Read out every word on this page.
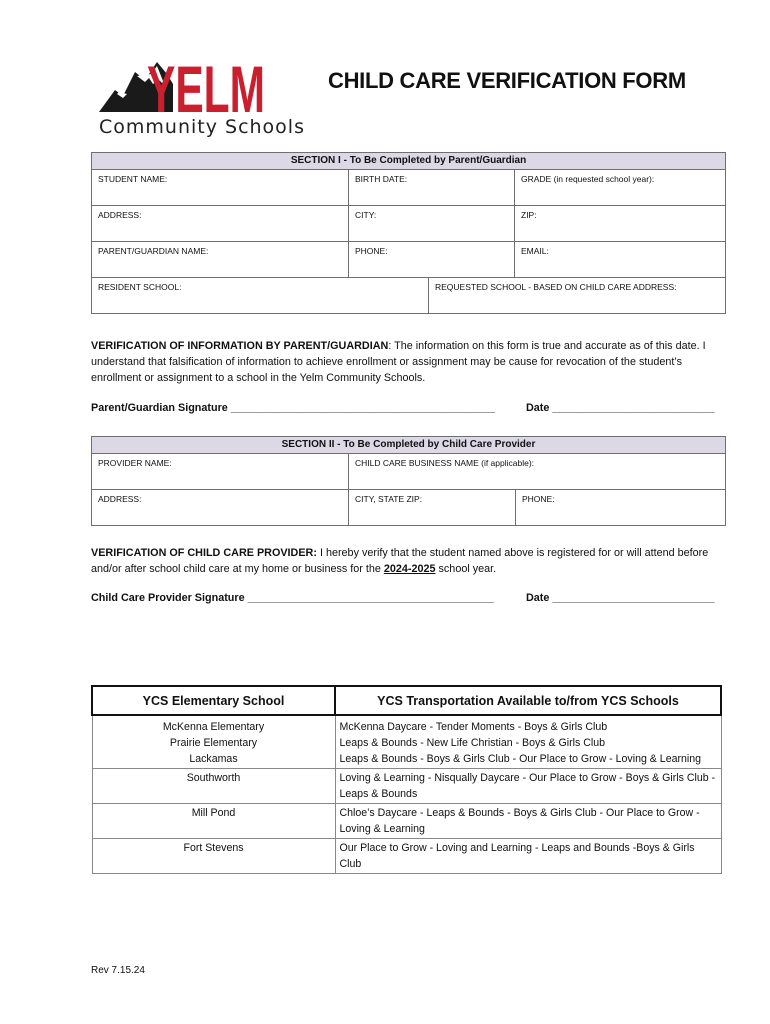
YELM
Community Schools
CHILD CARE VERIFICATION FORM
SECTION I - To Be Completed by Parent/Guardian			
STUDENT NAME:	BIRTH DATE:		GRADE (in requested school year):
ADDRESS:	CITY:		ZIP:
PARENT/GUARDIAN NAME:	PHONE:		EMAIL:
RESIDENT SCHOOL:		REQUESTED SCHOOL - BASED ON CHILD CARE ADDRESS:	
VERIFICATION OF INFORMATION BY PARENT/GUARDIAN: The information on this form is true and accurate as of this date. I understand that falsification of information to achieve enrollment or assignment may be cause for revocation of the student’s enrollment or assignment to a school in the Yelm Community Schools.
Parent/Guardian Signature ____________________________________________	Date ___________________________
SECTION II - To Be Completed by Child Care Provider		
PROVIDER NAME:	CHILD CARE BUSINESS NAME (if applicable):	
ADDRESS:	CITY, STATE ZIP:	PHONE:
VERIFICATION OF CHILD CARE PROVIDER: I hereby verify that the student named above is registered for or will attend before and/or after school child care at my home or business for the 2024-2025 school year.
Child Care Provider Signature _________________________________________	Date ___________________________
YCS Elementary School	YCS Transportation Available to/from YCS Schools
McKenna Elementary
Prairie Elementary
Lackamas	McKenna Daycare - Tender Moments - Boys & Girls Club
Leaps & Bounds - New Life Christian - Boys & Girls Club
Leaps & Bounds - Boys & Girls Club - Our Place to Grow - Loving & Learning
Southworth	Loving & Learning - Nisqually Daycare - Our Place to Grow - Boys & Girls Club - Leaps & Bounds
Mill Pond	Chloe’s Daycare - Leaps & Bounds - Boys & Girls Club - Our Place to Grow - Loving & Learning
Fort Stevens	Our Place to Grow - Loving and Learning - Leaps and Bounds -Boys & Girls Club
Rev 7.15.24
